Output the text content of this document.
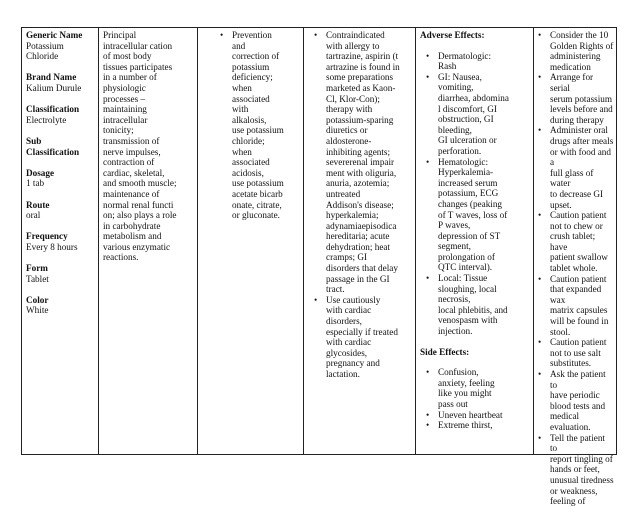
Generic Name
Potassium
Chloride
Brand Name
Kalium Durule
Classification
Electrolyte
Sub
Classification
Dosage
1 tab
Route
oral
Frequency
Every 8 hours
Form
Tablet
Color
White
Principal
intracellular cation
of most body
tissues participates
in a number of
physiologic
processes –
maintaining
intracellular
tonicity;
transmission of
nerve impulses,
contraction of
cardiac, skeletal,
and smooth muscle;
maintenance of
normal renal functi
on; also plays a role
in carbohydrate
metabolism and
various enzymatic
reactions.
• Prevention
and
correction of
potassium
deficiency;
when
associated
with
alkalosis,
use potassium
chloride;
when
associated
acidosis,
use potassium
acetate bicarb
onate, citrate,
or gluconate.
• Contraindicated
with allergy to
tartrazine, aspirin (t
artrazine is found in
some preparations
marketed as Kaon-
Cl, Klor-Con);
therapy with
potassium-sparing
diuretics or
aldosterone-
inhibiting agents;
severerenal impair
ment with oliguria,
anuria, azotemia;
untreated
Addison's disease;
hyperkalemia;
adynamiaepisodica
hereditaria; acute
dehydration; heat
cramps; GI
disorders that delay
passage in the GI
tract.
• Use cautiously
with cardiac
disorders,
especially if treated
with cardiac
glycosides,
pregnancy and
lactation.
Adverse Effects:
• Dermatologic:
Rash
• GI: Nausea,
vomiting,
diarrhea, abdomina
l discomfort, GI
obstruction, GI
bleeding,
GI ulceration or
perforation.
• Hematologic:
Hyperkalemia-
increased serum
potassium, ECG
changes (peaking
of T waves, loss of
P waves,
depression of ST
segment,
prolongation of
QTC interval).
• Local: Tissue
sloughing, local
necrosis,
local phlebitis, and
venospasm with
injection.
Side Effects:
• Confusion,
anxiety, feeling
like you might
pass out
• Uneven heartbeat
• Extreme thirst,
• Consider the 10
Golden Rights of
administering
medication
• Arrange for serial
serum potassium
levels before and
during therapy
• Administer oral
drugs after meals
or with food and a
full glass of water
to decrease GI
upset.
• Caution patient
not to chew or
crush tablet; have
patient swallow
tablet whole.
• Caution patient
that expanded wax
matrix capsules
will be found in
stool.
• Caution patient
not to use salt
substitutes.
• Ask the patient to
have periodic
blood tests and
medical
evaluation.
• Tell the patient to
report tingling of
hands or feet,
unusual tiredness
or weakness,
feeling of
